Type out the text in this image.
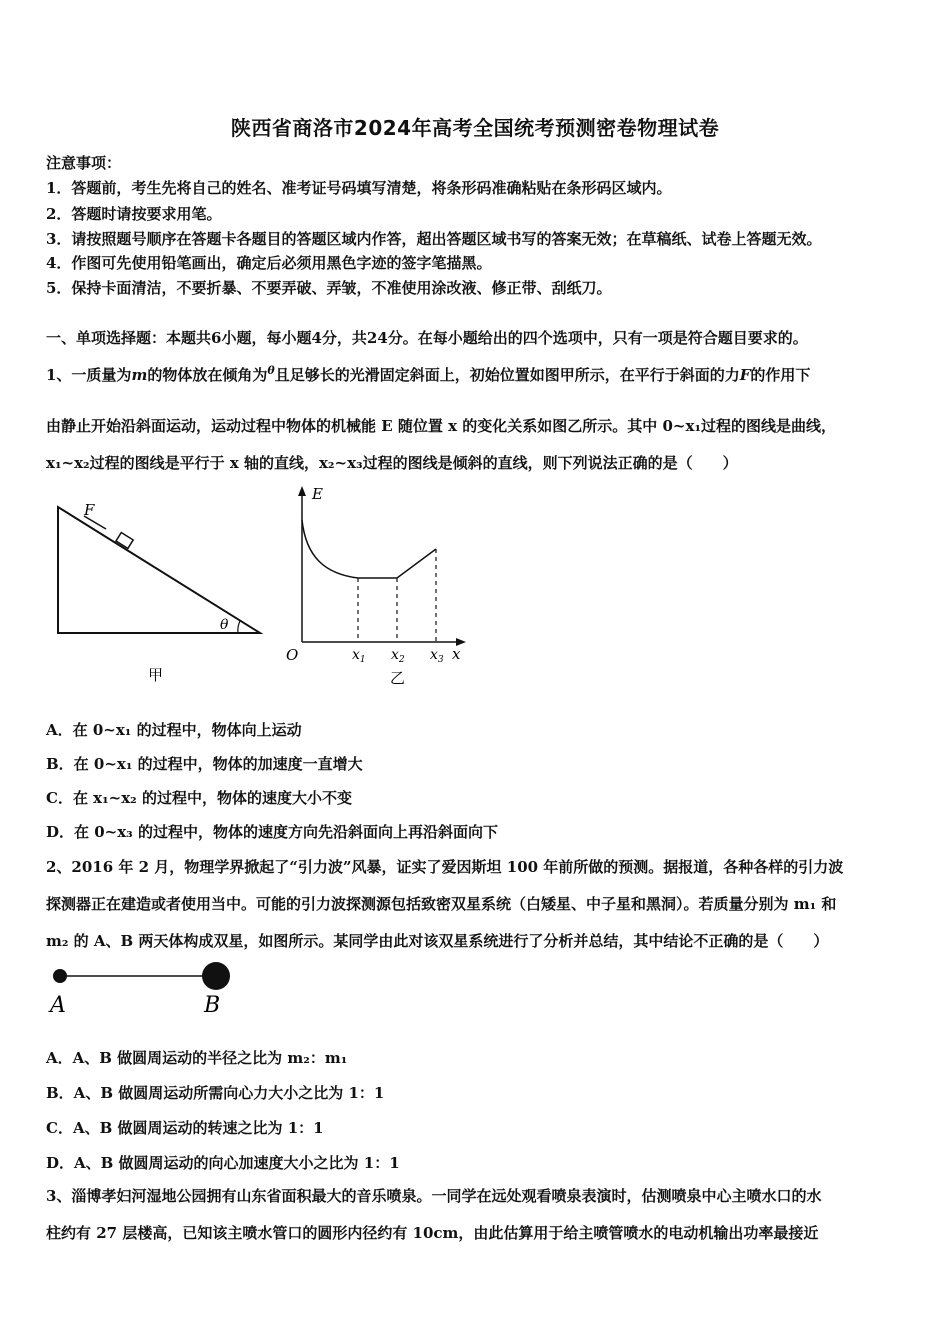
陕西省商洛市2024年高考全国统考预测密卷物理试卷
注意事项：
1．答题前，考生先将自己的姓名、准考证号码填写清楚，将条形码准确粘贴在条形码区域内。
2．答题时请按要求用笔。
3．请按照题号顺序在答题卡各题目的答题区域内作答，超出答题区域书写的答案无效；在草稿纸、试卷上答题无效。
4．作图可先使用铅笔画出，确定后必须用黑色字迹的签字笔描黑。
5．保持卡面清洁，不要折暴、不要弄破、弄皱，不准使用涂改液、修正带、刮纸刀。
一、单项选择题：本题共6小题，每小题4分，共24分。在每小题给出的四个选项中，只有一项是符合题目要求的。
1、一质量为m的物体放在倾角为$^\theta$且足够长的光滑固定斜面上，初始位置如图甲所示，在平行于斜面的力F的作用下
由静止开始沿斜面运动，运动过程中物体的机械能 E 随位置 x 的变化关系如图乙所示。其中 0~x₁过程的图线是曲线，
x₁~x₂过程的图线是平行于 x 轴的直线，x₂~x₃过程的图线是倾斜的直线，则下列说法正确的是（　　）
F
θ
甲
E
O	x
$x_1$ $x_2$ $x_3$
乙
A．在 0~x₁ 的过程中，物体向上运动
B．在 0~x₁ 的过程中，物体的加速度一直增大
C．在 x₁~x₂ 的过程中，物体的速度大小不变
D．在 0~x₃ 的过程中，物体的速度方向先沿斜面向上再沿斜面向下
2、2016 年 2 月，物理学界掀起了“引力波”风暴，证实了爱因斯坦 100 年前所做的预测。据报道，各种各样的引力波
探测器正在建造或者使用当中。可能的引力波探测源包括致密双星系统（白矮星、中子星和黑洞）。若质量分别为 m₁ 和
m₂ 的 A、B 两天体构成双星，如图所示。某同学由此对该双星系统进行了分析并总结，其中结论不正确的是（　　）
A	B
A．A、B 做圆周运动的半径之比为 m₂：m₁
B．A、B 做圆周运动所需向心力大小之比为 1：1
C．A、B 做圆周运动的转速之比为 1：1
D．A、B 做圆周运动的向心加速度大小之比为 1：1
3、淄博孝妇河湿地公园拥有山东省面积最大的音乐喷泉。一同学在远处观看喷泉表演时，估测喷泉中心主喷水口的水
柱约有 27 层楼高，已知该主喷水管口的圆形内径约有 10cm，由此估算用于给主喷管喷水的电动机输出功率最接近
